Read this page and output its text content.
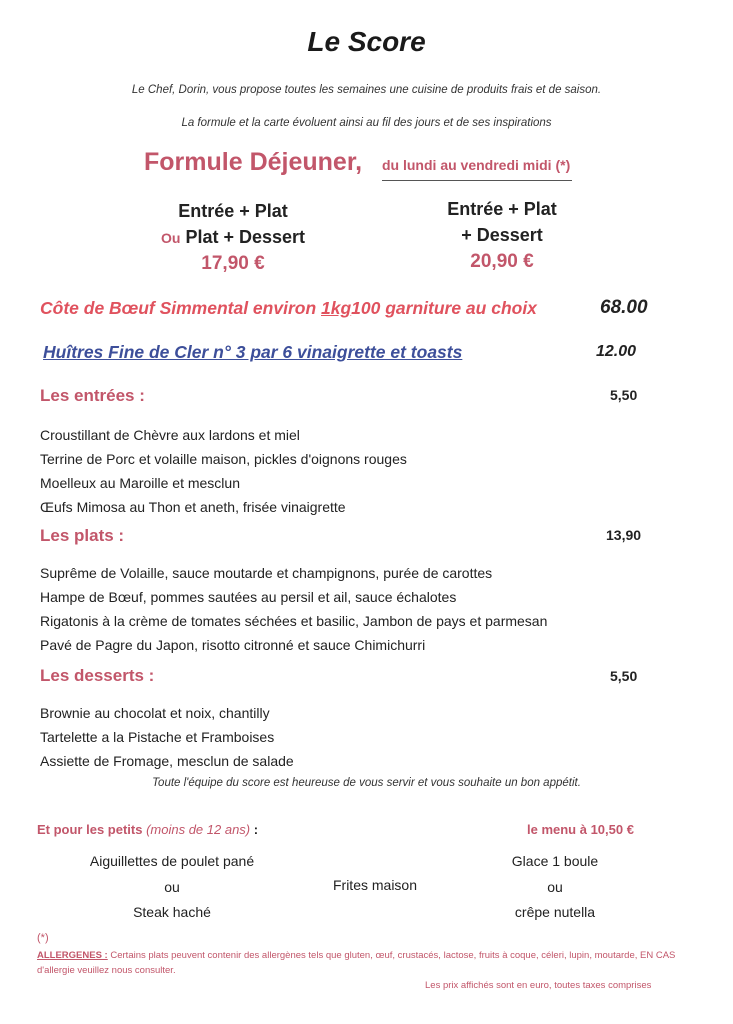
Le Score
Le Chef, Dorin, vous propose toutes les semaines une cuisine de produits frais et de saison.
La formule et la carte évoluent ainsi au fil des jours et de ses inspirations
Formule Déjeuner, du lundi au vendredi midi (*)
Entrée + Plat
Ou Plat + Dessert
17,90 €
Entrée + Plat
+ Dessert
20,90 €
Côte de Bœuf Simmental environ 1kg100 garniture au choix	68.00
Huîtres Fine de Cler n° 3 par 6 vinaigrette et toasts	12.00
Les entrées :	5,50
Croustillant de Chèvre aux lardons et miel
Terrine de Porc et volaille maison, pickles d'oignons rouges
Moelleux au Maroille et mesclun
Œufs Mimosa au Thon et aneth, frisée vinaigrette
Les plats :	13,90
Suprême de Volaille, sauce moutarde et champignons, purée de carottes
Hampe de Bœuf, pommes sautées au persil et ail, sauce échalotes
Rigatonis à la crème de tomates séchées et basilic, Jambon de pays et parmesan
Pavé de Pagre du Japon, risotto citronné et sauce Chimichurri
Les desserts :	5,50
Brownie au chocolat et noix, chantilly
Tartelette a la Pistache et Framboises
Assiette de Fromage, mesclun de salade
Toute l'équipe du score est heureuse de vous servir et vous souhaite un bon appétit.
Et pour les petits (moins de 12 ans) :	le menu à 10,50 €
Aiguillettes de poulet pané
ou
Steak haché
Frites maison
Glace 1 boule
ou
crêpe nutella
(*)
ALLERGENES : Certains plats peuvent contenir des allergènes tels que gluten, œuf, crustacés, lactose, fruits à coque, céleri, lupin, moutarde, EN CAS d'allergie veuillez nous consulter.
Les prix affichés sont en euro, toutes taxes comprises
